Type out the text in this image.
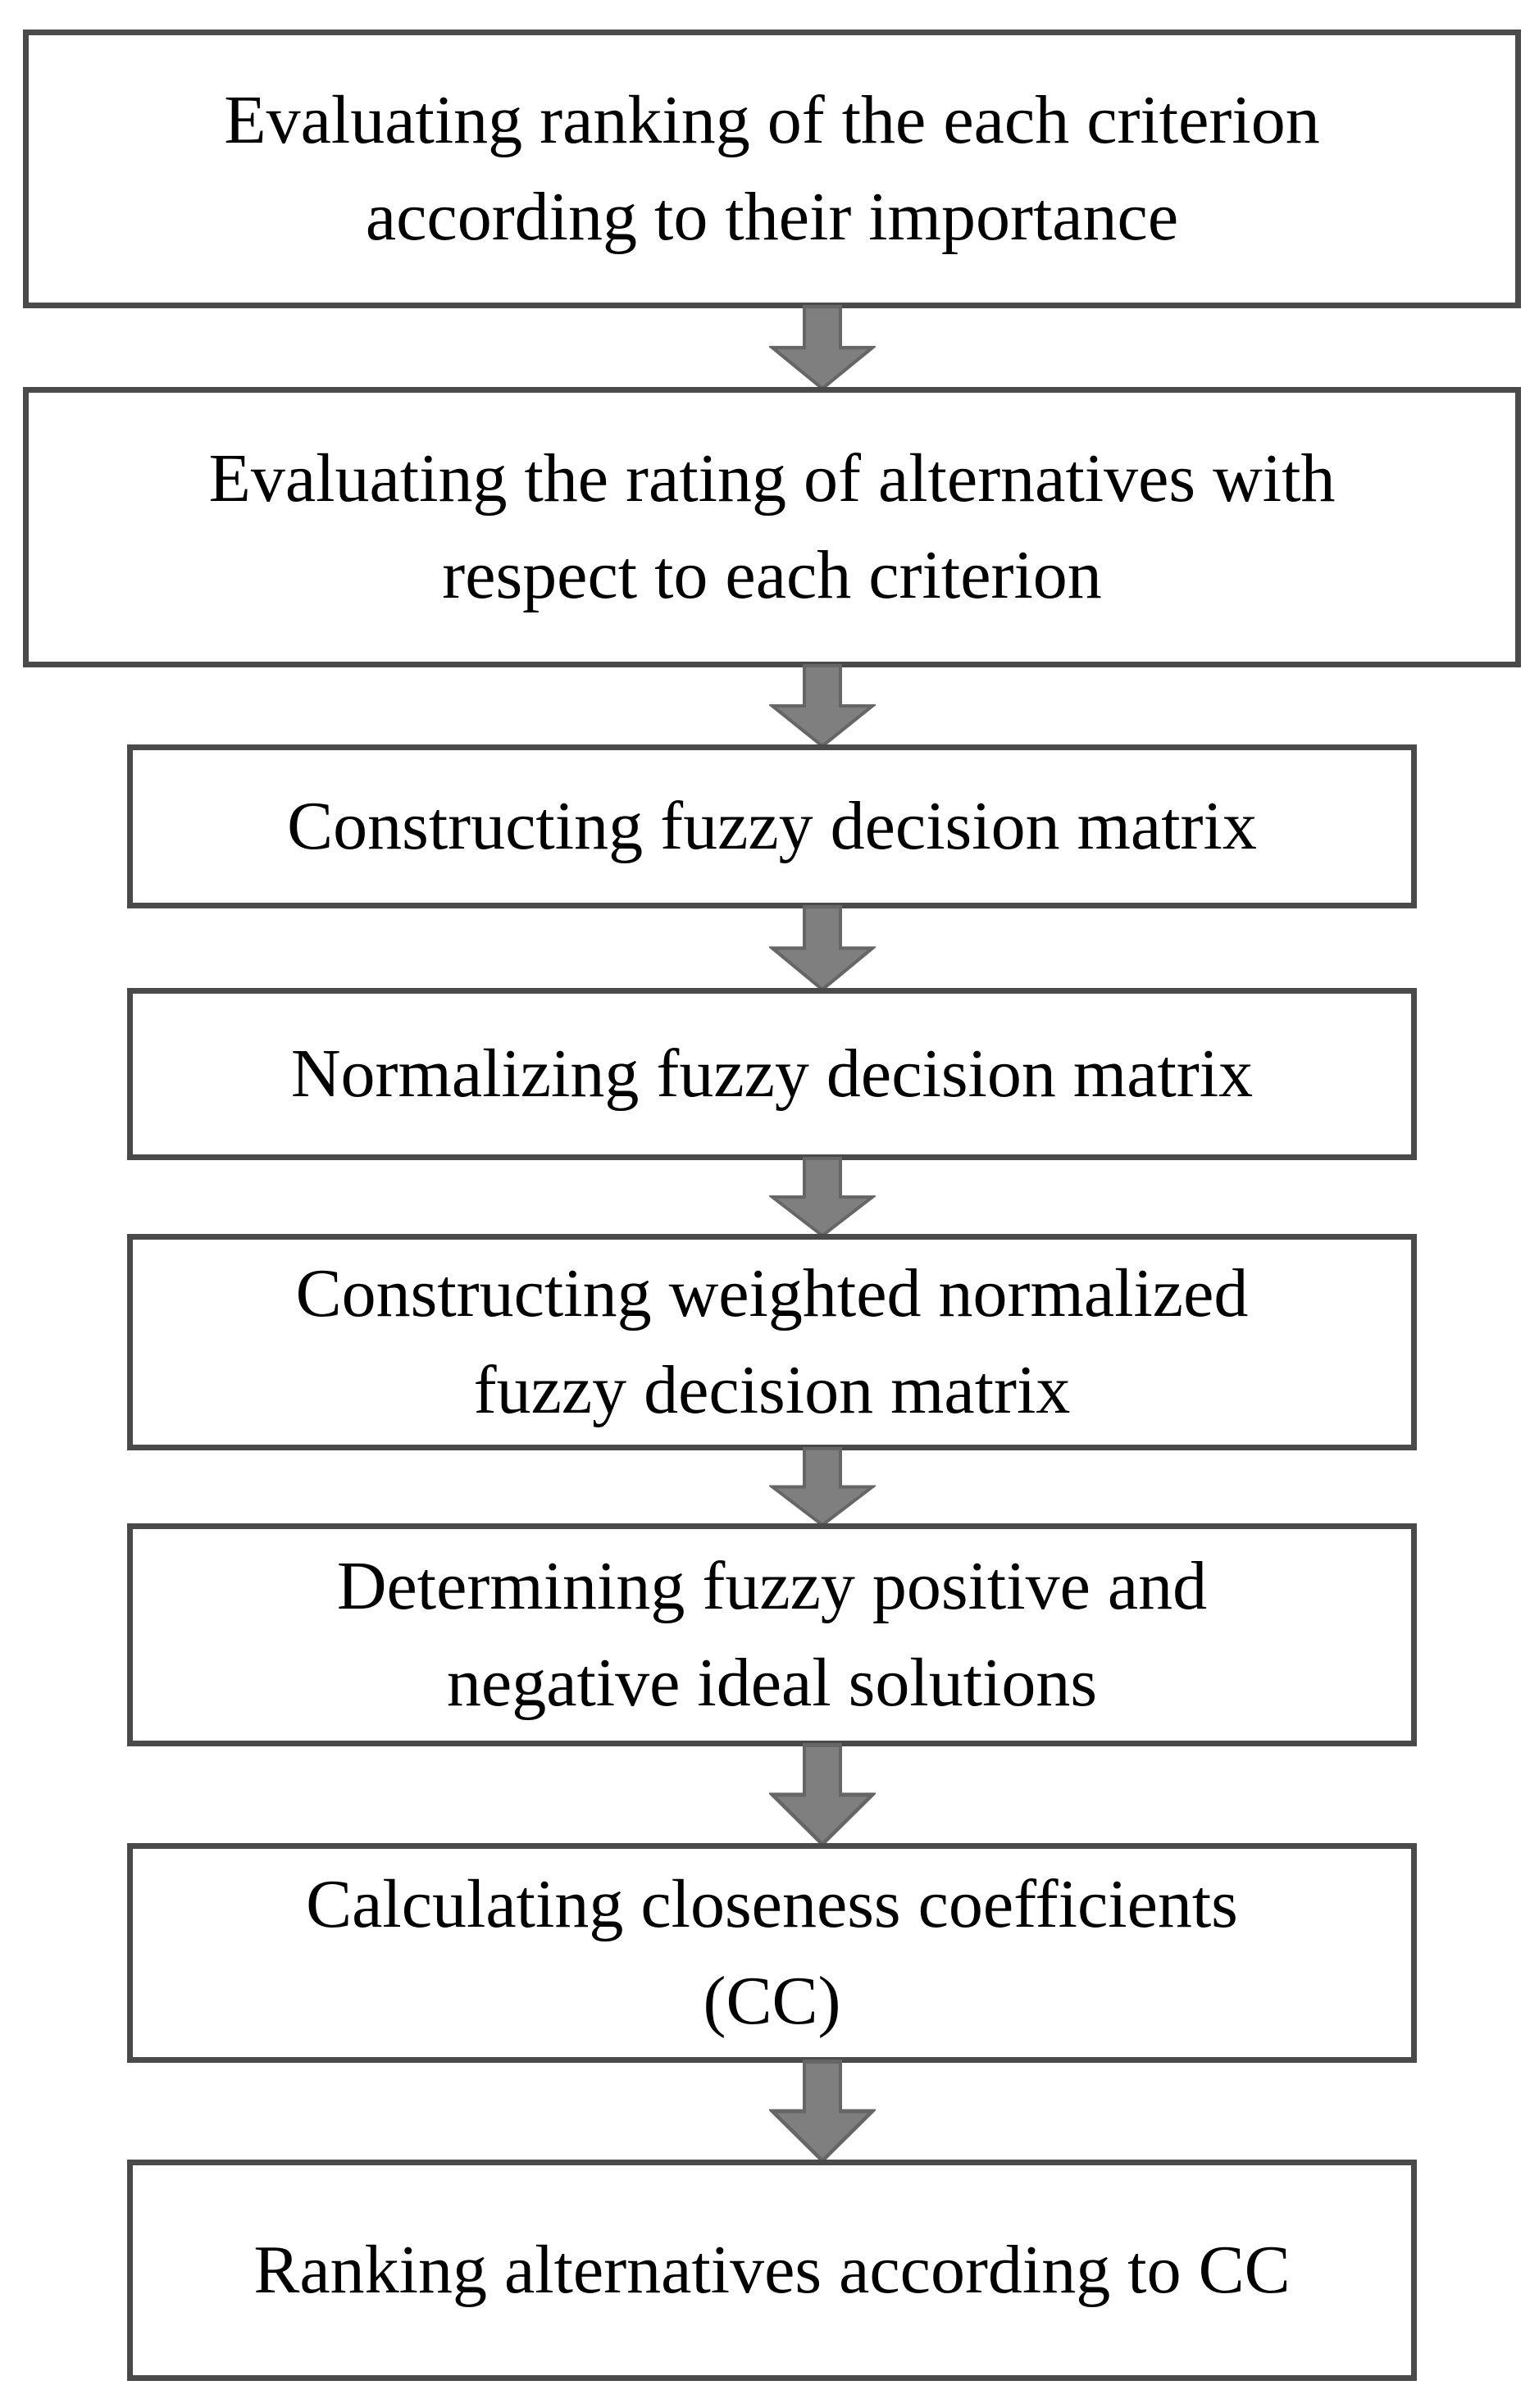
Evaluating ranking of the each criterion
according to their importance
Evaluating the rating of alternatives with
respect to each criterion
Constructing fuzzy decision matrix
Normalizing fuzzy decision matrix
Constructing weighted normalized
fuzzy decision matrix
Determining fuzzy positive and
negative ideal solutions
Calculating closeness coefficients
(CC)
Ranking alternatives according to CC
